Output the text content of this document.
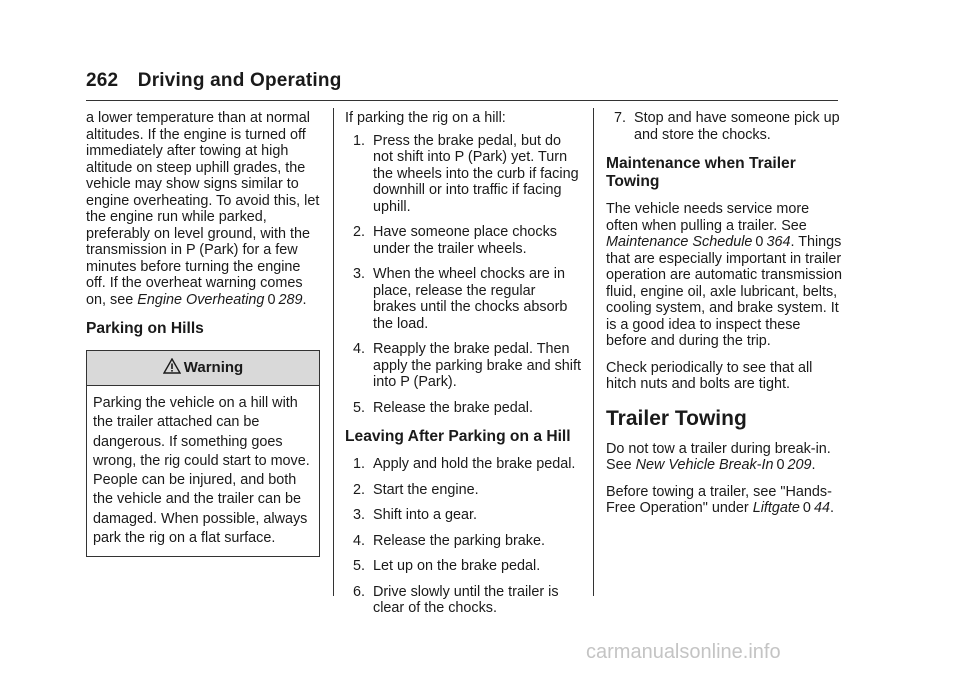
262 Driving and Operating

a lower temperature than at normal altitudes. If the engine is turned off immediately after towing at high altitude on steep uphill grades, the vehicle may show signs similar to engine overheating. To avoid this, let the engine run while parked, preferably on level ground, with the transmission in P (Park) for a few minutes before turning the engine off. If the overheat warning comes on, see Engine Overheating 0 289.

Parking on Hills
Warning
Parking the vehicle on a hill with the trailer attached can be dangerous. If something goes wrong, the rig could start to move. People can be injured, and both the vehicle and the trailer can be damaged. When possible, always park the rig on a flat surface.

If parking the rig on a hill:

1. Press the brake pedal, but do not shift into P (Park) yet. Turn the wheels into the curb if facing downhill or into traffic if facing uphill.
2. Have someone place chocks under the trailer wheels.
3. When the wheel chocks are in place, release the regular brakes until the chocks absorb the load.
4. Reapply the brake pedal. Then apply the parking brake and shift into P (Park).
5. Release the brake pedal.
Leaving After Parking on a Hill
1. Apply and hold the brake pedal.
2. Start the engine.
3. Shift into a gear.
4. Release the parking brake.
5. Let up on the brake pedal.
6. Drive slowly until the trailer is clear of the chocks.
7. Stop and have someone pick up and store the chocks.
Maintenance when Trailer Towing

The vehicle needs service more often when pulling a trailer. See Maintenance Schedule 0 364. Things that are especially important in trailer operation are automatic transmission fluid, engine oil, axle lubricant, belts, cooling system, and brake system. It is a good idea to inspect these before and during the trip.

Check periodically to see that all hitch nuts and bolts are tight.

Trailer Towing

Do not tow a trailer during break-in. See New Vehicle Break-In 0 209.

Before towing a trailer, see "Hands-Free Operation" under Liftgate 0 44.

carmanualsonline.info
